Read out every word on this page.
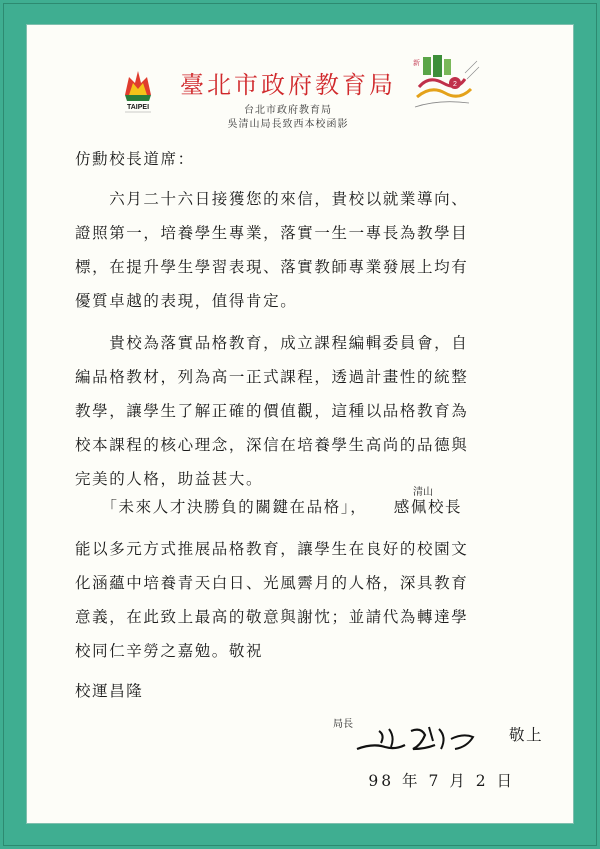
TAIPEI
臺北市政府教育局
台北市政府教育局
吳清山局長致西本校函影
新
2
仿勳校長道席：
　　六月二十六日接獲您的來信，貴校以就業導向、
證照第一，培養學生專業，落實一生一專長為教學目
標，在提升學生學習表現、落實教師專業發展上均有
優質卓越的表現，值得肯定。
　　貴校為落實品格教育，成立課程編輯委員會，自
編品格教材，列為高一正式課程，透過計畫性的統整
教學，讓學生了解正確的價值觀，這種以品格教育為
校本課程的核心理念，深信在培養學生高尚的品德與
完美的人格，助益甚大。
清山
　　「未來人才決勝負的關鍵在品格」，　　感佩校長
能以多元方式推展品格教育，讓學生在良好的校園文
化涵蘊中培養青天白日、光風霽月的人格，深具教育
意義，在此致上最高的敬意與謝忱；並請代為轉達學
校同仁辛勞之嘉勉。敬祝
校運昌隆
局長
敬上
98 年 7 月 2 日
